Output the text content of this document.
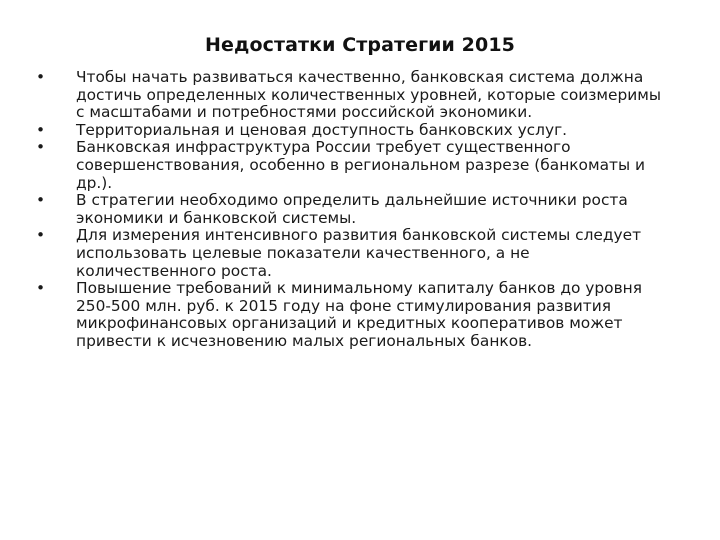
Недостатки Стратегии 2015
• Чтобы начать развиваться качественно, банковская система должна достичь определенных количественных уровней, которые соизмеримы с масштабами и потребностями российской экономики.
• Территориальная и ценовая доступность банковских услуг.
• Банковская инфраструктура России требует существенного совершенствования, особенно в региональном разрезе (банкоматы и др.).
• В стратегии необходимо определить дальнейшие источники роста экономики и банковской системы.
• Для измерения интенсивного развития банковской системы следует использовать целевые показатели качественного, а не количественного роста.
• Повышение требований к минимальному капиталу банков до уровня 250-500 млн. руб. к 2015 году на фоне стимулирования развития микрофинансовых организаций и кредитных кооперативов может привести к исчезновению малых региональных банков.
